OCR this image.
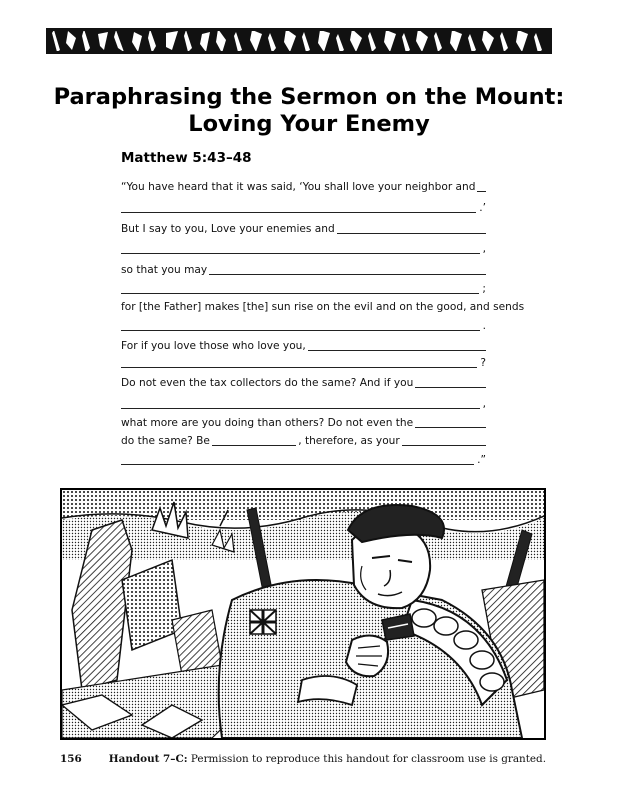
Paraphrasing the Sermon on the Mount:
Loving Your Enemy
Matthew 5:43–48
“You have heard that it was said, ‘You shall love your neighbor and
.’
But I say to you, Love your enemies and
,
so that you may
;
for [the Father] makes [the] sun rise on the evil and on the good, and sends
.
For if you love those who love you,
?
Do not even the tax collectors do the same? And if you
,
what more are you doing than others? Do not even the
do the same? Be	, therefore, as your
.”
156	Handout 7–C: Permission to reproduce this handout for classroom use is granted.
